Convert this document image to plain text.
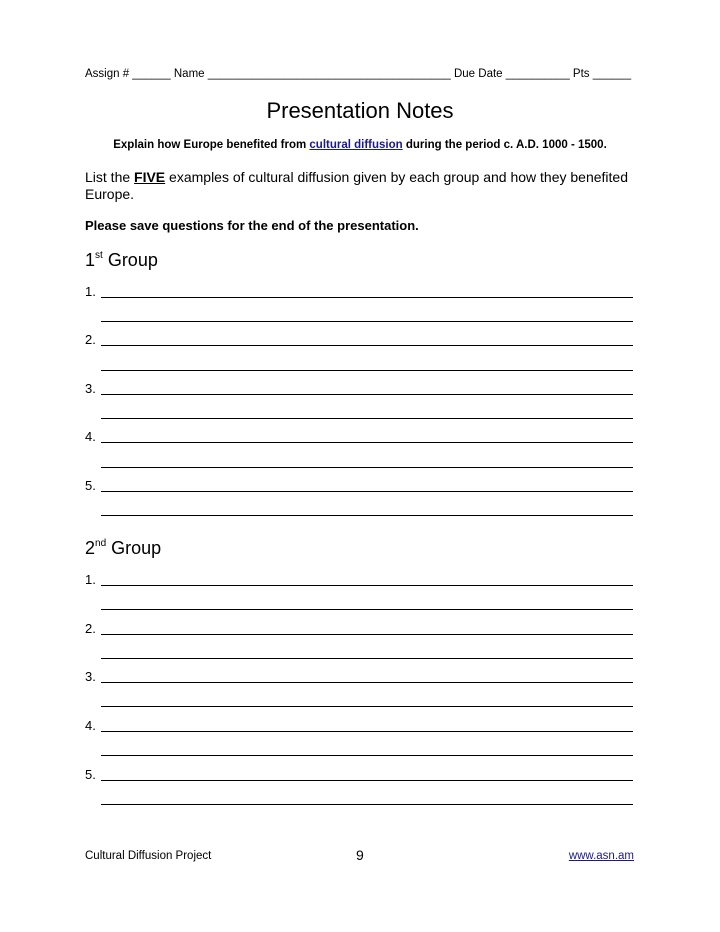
Assign # ______ Name ______________________________________ Due Date __________ Pts ______
Presentation Notes
Explain how Europe benefited from cultural diffusion during the period c. A.D. 1000 - 1500.
List the FIVE examples of cultural diffusion given by each group and how they benefited Europe.
Please save questions for the end of the presentation.
1st Group
1.
2.
3.
4.
5.
2nd Group
1.
2.
3.
4.
5.
Cultural Diffusion Project	9	www.asn.am
